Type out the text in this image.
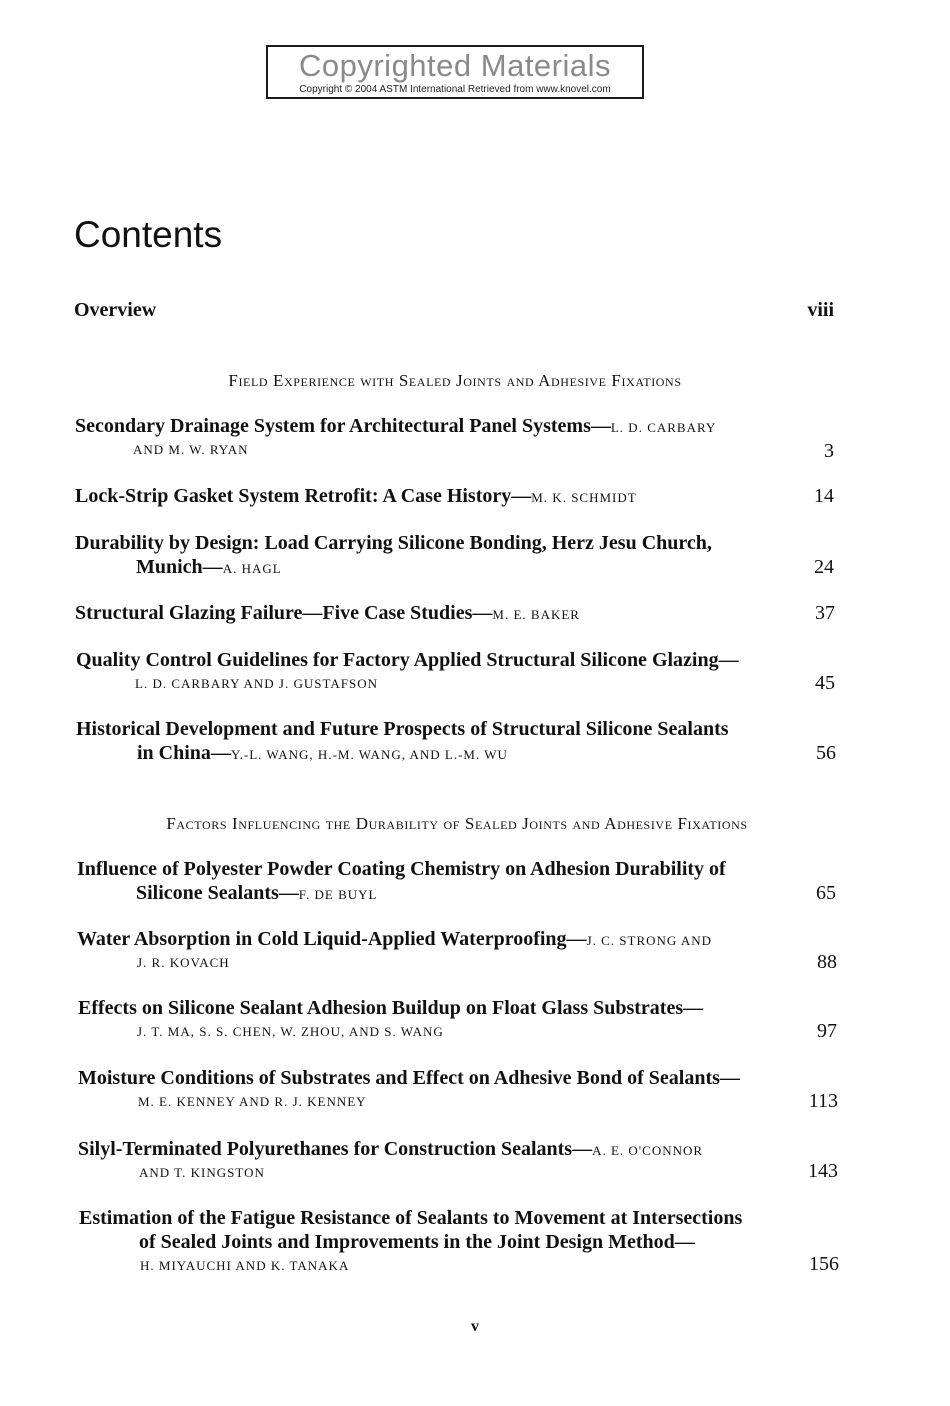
Copyrighted Materials
Copyright © 2004 ASTM International Retrieved from www.knovel.com
Contents
Overview	viii
Field Experience with Sealed Joints and Adhesive Fixations
Secondary Drainage System for Architectural Panel Systems—L. D. CARBARY
AND M. W. RYAN	3
Lock-Strip Gasket System Retrofit: A Case History—M. K. SCHMIDT	14
Durability by Design: Load Carrying Silicone Bonding, Herz Jesu Church,
Munich—A. HAGL	24
Structural Glazing Failure—Five Case Studies—M. E. BAKER	37
Quality Control Guidelines for Factory Applied Structural Silicone Glazing—
L. D. CARBARY AND J. GUSTAFSON	45
Historical Development and Future Prospects of Structural Silicone Sealants
in China—Y.-L. WANG, H.-M. WANG, AND L.-M. WU	56
Factors Influencing the Durability of Sealed Joints and Adhesive Fixations
Influence of Polyester Powder Coating Chemistry on Adhesion Durability of
Silicone Sealants—F. DE BUYL	65
Water Absorption in Cold Liquid-Applied Waterproofing—J. C. STRONG AND
J. R. KOVACH	88
Effects on Silicone Sealant Adhesion Buildup on Float Glass Substrates—
J. T. MA, S. S. CHEN, W. ZHOU, AND S. WANG	97
Moisture Conditions of Substrates and Effect on Adhesive Bond of Sealants—
M. E. KENNEY AND R. J. KENNEY	113
Silyl-Terminated Polyurethanes for Construction Sealants—A. E. O'CONNOR
AND T. KINGSTON	143
Estimation of the Fatigue Resistance of Sealants to Movement at Intersections
of Sealed Joints and Improvements in the Joint Design Method—
H. MIYAUCHI AND K. TANAKA	156
v
